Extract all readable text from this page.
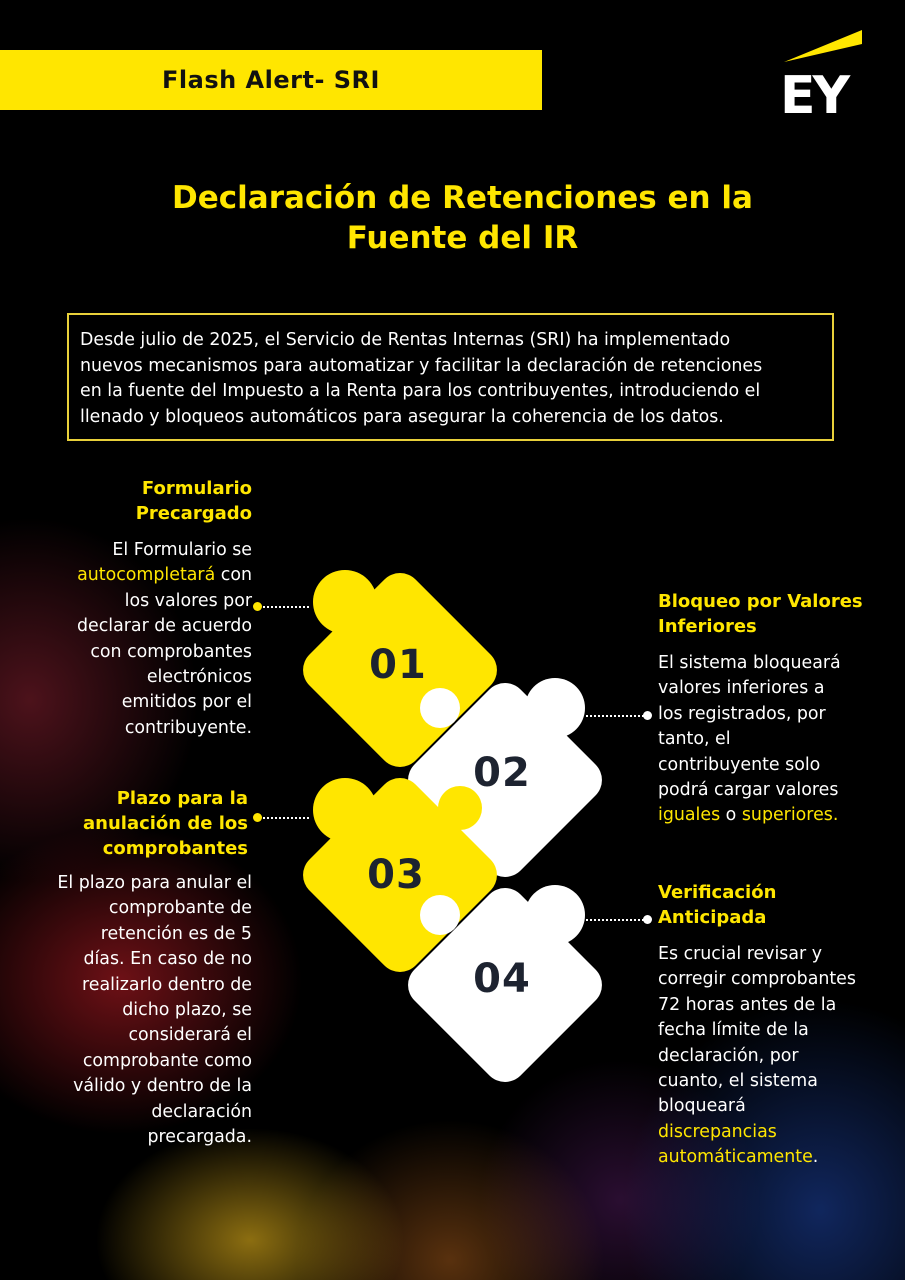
Flash Alert- SRI	EY
Declaración de Retenciones en la
Fuente del IR
Desde julio de 2025, el Servicio de Rentas Internas (SRI) ha implementado
nuevos mecanismos para automatizar y facilitar la declaración de retenciones
en la fuente del Impuesto a la Renta para los contribuyentes, introduciendo el
llenado y bloqueos automáticos para asegurar la coherencia de los datos.
01
02
03
04
Formulario
Precargado
El Formulario se
autocompletará con
los valores por
declarar de acuerdo
con comprobantes
electrónicos
emitidos por el
contribuyente.
Bloqueo por Valores
Inferiores
El sistema bloqueará
valores inferiores a
los registrados, por
tanto, el
contribuyente solo
podrá cargar valores
iguales o superiores.
Plazo para la
anulación de los
comprobantes
El plazo para anular el
comprobante de
retención es de 5
días. En caso de no
realizarlo dentro de
dicho plazo, se
considerará el
comprobante como
válido y dentro de la
declaración
precargada.
Verificación
Anticipada
Es crucial revisar y
corregir comprobantes
72 horas antes de la
fecha límite de la
declaración, por
cuanto, el sistema
bloqueará
discrepancias
automáticamente.
